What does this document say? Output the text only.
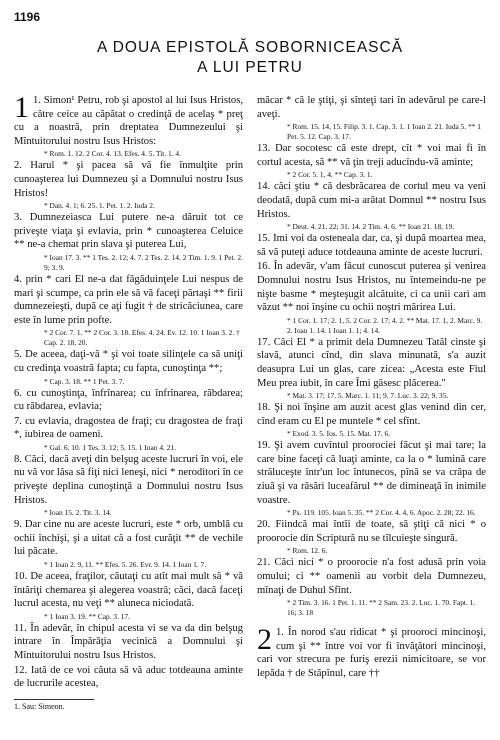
1196
A DOUA EPISTOLĂ SOBORNICEASCĂ
A LUI PETRU
1 1. Simon¹ Petru, rob şi apostol al lui Isus Hristos, către ceice au căpătat o credinţă de acelaş * preţ cu a noastră, prin dreptatea Dumnezeului şi Mîntuitorului nostru Isus Hristos:

* Rom. 1. 12. 2 Cor. 4. 13. Efes. 4. 5. Tit. 1. 4.

2. Harul * şi pacea să vă fie înmulţite prin cunoaşterea lui Dumnezeu şi a Domnului nostru Isus Hristos!

* Dan. 4. 1; 6. 25. 1. Pet. 1. 2. Iuda 2.

3. Dumnezeiasca Lui putere ne-a dăruit tot ce priveşte viaţa şi evlavia, prin * cunoaşterea Celuice ** ne-a chemat prin slava şi puterea Lui,

* Ioan 17. 3. ** 1 Tes. 2. 12; 4. 7. 2 Tes. 2. 14. 2 Tim. 1. 9. 1 Pet. 2. 9; 3. 9.

4. prin * cari El ne-a dat făgăduinţele Lui nespus de mari şi scumpe, ca prin ele să vă faceţi părtaşi ** firii dumnezeieşti, după ce aţi fugit † de stricăciunea, care este în lume prin pofte.

* 2 Cor. 7. 1. ** 2 Cor. 3. 18. Efes. 4. 24. Ev. 12. 10. 1 Ioan 3. 2. † Cap. 2. 18, 20.

5. De aceea, daţi-vă * şi voi toate silinţele ca să uniţi cu credinţa voastră fapta; cu fapta, cunoştinţa **;

* Cap. 3. 18. ** 1 Pet. 3. 7.

6. cu cunoştinţa, înfrînarea; cu înfrînarea, răbdarea; cu răbdarea, evlavia;

7. cu evlavia, dragostea de fraţi; cu dragostea de fraţi *, iubirea de oameni.

* Gal. 6. 10. 1 Tes. 3. 12; 5. 15. 1 Ioan 4. 21.

8. Căci, dacă aveţi din belşug aceste lucruri în voi, ele nu vă vor lăsa să fiţi nici leneşi, nici * neroditori în ce priveşte deplina cunoştinţă a Domnului nostru Isus Hristos.

* Ioan 15. 2. Tit. 3. 14.

9. Dar cine nu are aceste lucruri, este * orb, umblă cu ochii închişi, şi a uitat că a fost curăţit ** de vechile lui păcate.

* 1 Ioan 2. 9, 11. ** Efes. 5. 26. Evr. 9. 14. 1 Ioan 1. 7.

10. De aceea, fraţilor, căutaţi cu atît mai mult să * vă întăriţi chemarea şi alegerea voastră; căci, dacă faceţi lucrul acesta, nu veţi ** aluneca niciodată.

* 1 Ioan 3. 19. ** Cap. 3. 17.

11. În adevăr, în chipul acesta vi se va da din belşug intrare în Împărăţia vecinică a Domnului şi Mîntuitorului nostru Isus Hristos.

12. Iată de ce voi căuta să vă aduc totdeauna aminte de lucrurile acestea,

1. Sau: Simeon.

măcar * că le ştiţi, şi sînteţi tari în adevărul pe care-l aveţi.

* Rom. 15. 14, 15. Filip. 3. 1. Cap. 3. 1. 1 Ioan 2. 21. Iuda 5. ** 1 Pet. 5. 12. Cap. 3. 17.

13. Dar socotesc că este drept, cît * voi mai fi în cortul acesta, să ** vă ţin treji aducîndu-vă aminte;

* 2 Cor. 5. 1, 4. ** Cap. 3. 1.

14. căci ştiu * că desbrăcarea de cortul meu va veni deodată, după cum mi-a arătat Domnul ** nostru Isus Hristos.

* Deut. 4. 21, 22; 31. 14. 2 Tim. 4. 6. ** Ioan 21. 18, 19.

15. Imi voi da osteneala dar, ca, şi după moartea mea, să vă puteţi aduce totdeauna aminte de aceste lucruri.

16. În adevăr, v'am făcut cunoscut puterea şi venirea Domnului nostru Isus Hristos, nu întemeindu-ne pe nişte basme * meşteşugit alcătuite, ci ca unii cari am văzut ** noi înşine cu ochii noştri mărirea Lui.

* 1 Cor. 1. 17; 2. 1, 5. 2 Cor. 2. 17; 4. 2. ** Mat. 17. 1, 2. Marc. 9. 2. Ioan 1. 14. 1 Ioan 1. 1; 4. 14.

17. Căci El * a primit dela Dumnezeu Tatăl cinste şi slavă, atunci cînd, din slava minunată, s'a auzit deasupra Lui un glas, care zicea: „Acesta este Fiul Meu prea iubit, în care Îmi găsesc plăcerea."

* Mat. 3. 17; 17. 5. Marc. 1. 11; 9. 7. Luc. 3. 22; 9. 35.

18. Şi noi înşine am auzit acest glas venind din cer, cînd eram cu El pe muntele * cel sfînt.

* Exod. 3. 5. Ios. 5. 15. Mat. 17. 6.

19. Şi avem cuvîntul proorociei făcut şi mai tare; la care bine faceţi că luaţi aminte, ca la o * lumină care străluceşte într'un loc întunecos, pînă se va crăpa de ziuă şi va răsări luceafărul ** de dimineaţă în inimile voastre.

* Ps. 119. 105. Ioan 5. 35. ** 2 Cor. 4. 4, 6. Apoc. 2. 28; 22. 16.

20. Fiindcă mai întîi de toate, să ştiţi că nici * o proorocie din Scriptură nu se tîlcuieşte singură.

* Rom. 12. 6.

21. Căci nici * o proorocie n'a fost adusă prin voia omului; ci ** oamenii au vorbit dela Dumnezeu, mînaţi de Duhul Sfînt.

* 2 Tim. 3. 16. 1 Pet. 1. 11. ** 2 Sam. 23. 2. Luc. 1. 70. Fapt. 1. 16; 3. 18

2 1. În norod s'au ridicat * şi prooroci mincinoşi, cum şi ** între voi vor fi învăţători mincinoşi, cari vor strecura pe furiş erezii nimicitoare, se vor lepăda † de Stăpînul, care ††
